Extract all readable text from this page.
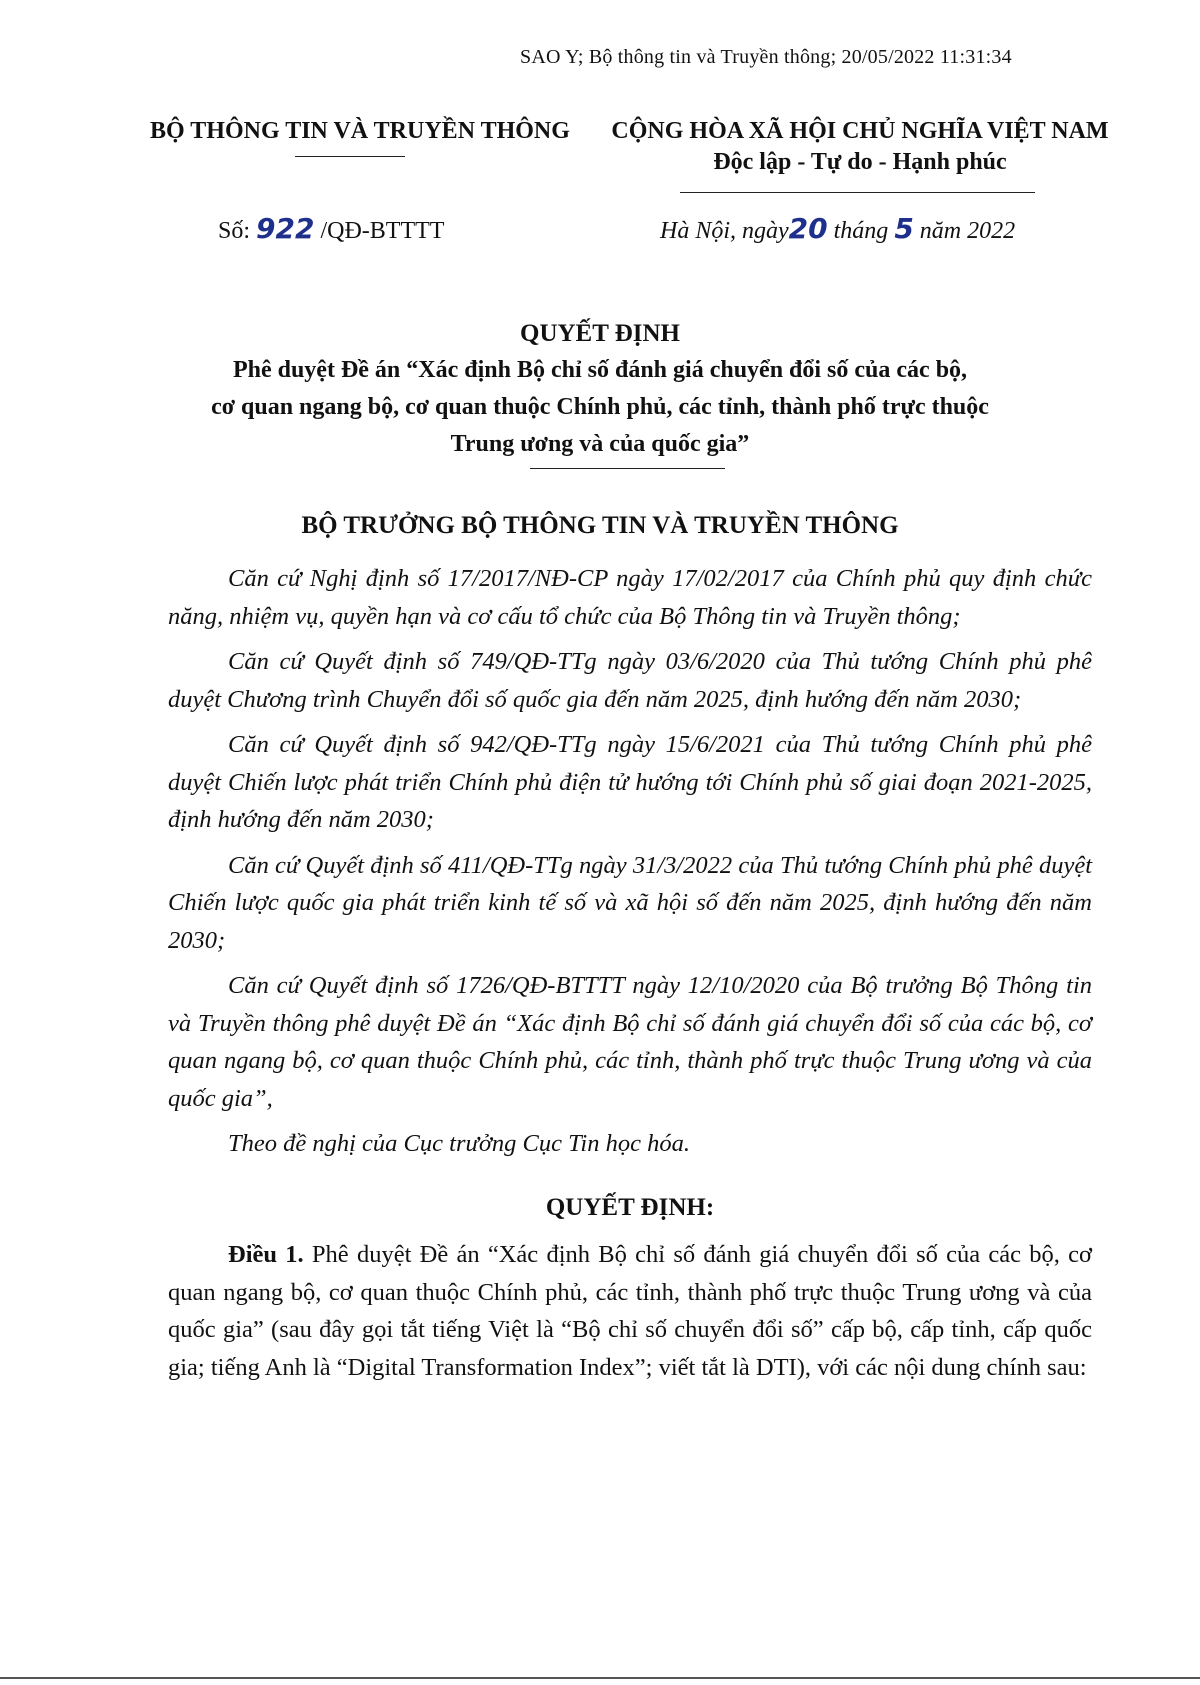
SAO Y; Bộ thông tin và Truyền thông; 20/05/2022 11:31:34
BỘ THÔNG TIN VÀ TRUYỀN THÔNG	CỘNG HÒA XÃ HỘI CHỦ NGHĨA VIỆT NAM
Độc lập - Tự do - Hạnh phúc
Số: 922 /QĐ-BTTTT	Hà Nội, ngày20 tháng 5 năm 2022
QUYẾT ĐỊNH
Phê duyệt Đề án “Xác định Bộ chỉ số đánh giá chuyển đổi số của các bộ,
cơ quan ngang bộ, cơ quan thuộc Chính phủ, các tỉnh, thành phố trực thuộc
Trung ương và của quốc gia”
BỘ TRƯỞNG BỘ THÔNG TIN VÀ TRUYỀN THÔNG

Căn cứ Nghị định số 17/2017/NĐ-CP ngày 17/02/2017 của Chính phủ quy định chức năng, nhiệm vụ, quyền hạn và cơ cấu tổ chức của Bộ Thông tin và Truyền thông;

Căn cứ Quyết định số 749/QĐ-TTg ngày 03/6/2020 của Thủ tướng Chính phủ phê duyệt Chương trình Chuyển đổi số quốc gia đến năm 2025, định hướng đến năm 2030;

Căn cứ Quyết định số 942/QĐ-TTg ngày 15/6/2021 của Thủ tướng Chính phủ phê duyệt Chiến lược phát triển Chính phủ điện tử hướng tới Chính phủ số giai đoạn 2021-2025, định hướng đến năm 2030;

Căn cứ Quyết định số 411/QĐ-TTg ngày 31/3/2022 của Thủ tướng Chính phủ phê duyệt Chiến lược quốc gia phát triển kinh tế số và xã hội số đến năm 2025, định hướng đến năm 2030;

Căn cứ Quyết định số 1726/QĐ-BTTTT ngày 12/10/2020 của Bộ trưởng Bộ Thông tin và Truyền thông phê duyệt Đề án “Xác định Bộ chỉ số đánh giá chuyển đổi số của các bộ, cơ quan ngang bộ, cơ quan thuộc Chính phủ, các tỉnh, thành phố trực thuộc Trung ương và của quốc gia”,

Theo đề nghị của Cục trưởng Cục Tin học hóa.

QUYẾT ĐỊNH:

Điều 1. Phê duyệt Đề án “Xác định Bộ chỉ số đánh giá chuyển đổi số của các bộ, cơ quan ngang bộ, cơ quan thuộc Chính phủ, các tỉnh, thành phố trực thuộc Trung ương và của quốc gia” (sau đây gọi tắt tiếng Việt là “Bộ chỉ số chuyển đổi số” cấp bộ, cấp tỉnh, cấp quốc gia; tiếng Anh là “Digital Transformation Index”; viết tắt là DTI), với các nội dung chính sau:
